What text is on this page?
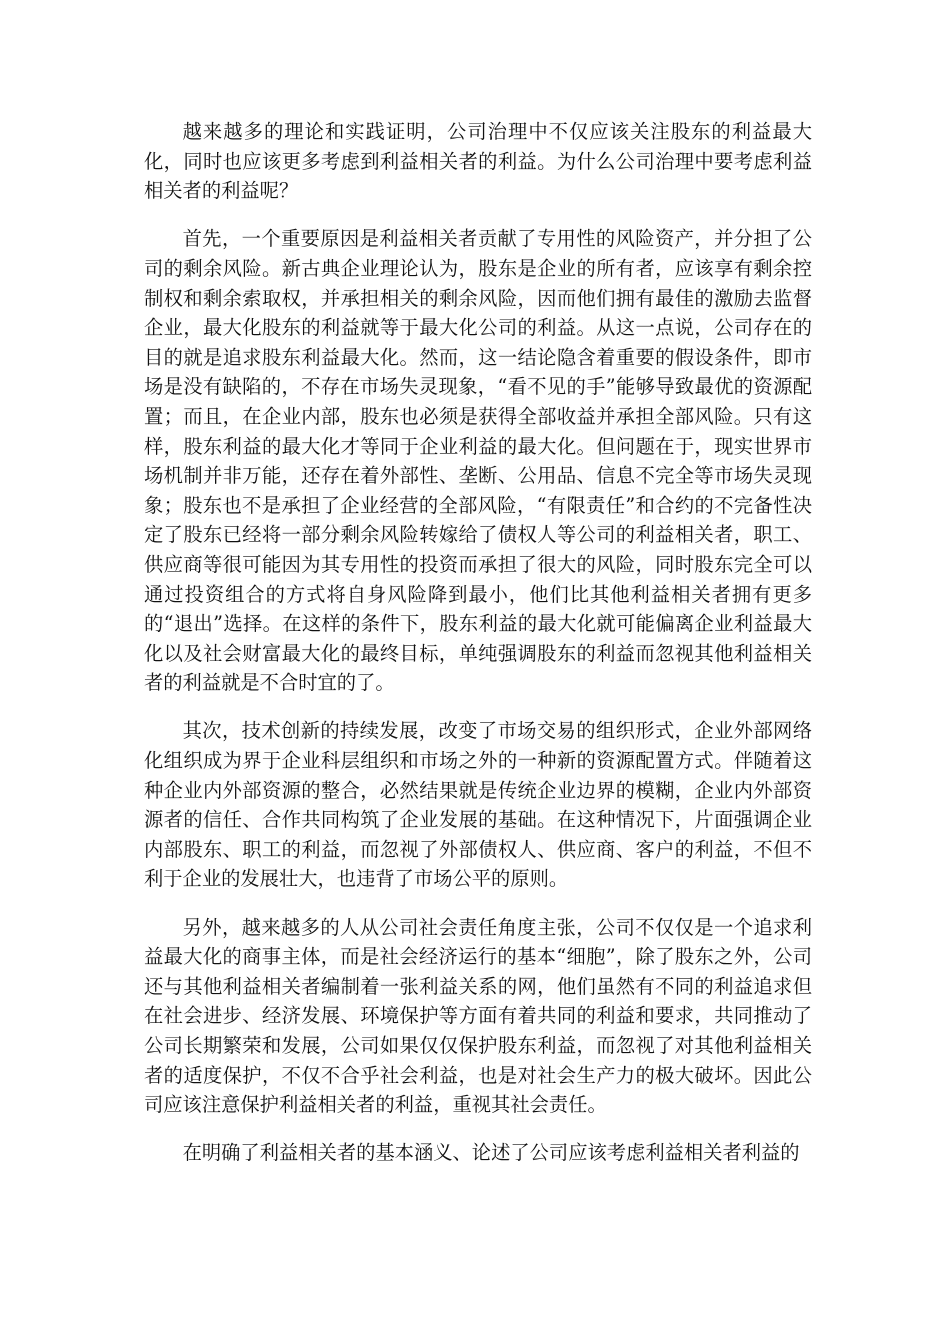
越来越多的理论和实践证明，公司治理中不仅应该关注股东的利益最大化，同时也应该更多考虑到利益相关者的利益。为什么公司治理中要考虑利益相关者的利益呢？

首先，一个重要原因是利益相关者贡献了专用性的风险资产，并分担了公司的剩余风险。新古典企业理论认为，股东是企业的所有者，应该享有剩余控制权和剩余索取权，并承担相关的剩余风险，因而他们拥有最佳的激励去监督企业，最大化股东的利益就等于最大化公司的利益。从这一点说，公司存在的目的就是追求股东利益最大化。然而，这一结论隐含着重要的假设条件，即市场是没有缺陷的，不存在市场失灵现象，“看不见的手”能够导致最优的资源配置；而且，在企业内部，股东也必须是获得全部收益并承担全部风险。只有这样，股东利益的最大化才等同于企业利益的最大化。但问题在于，现实世界市场机制并非万能，还存在着外部性、垄断、公用品、信息不完全等市场失灵现象；股东也不是承担了企业经营的全部风险，“有限责任”和合约的不完备性决定了股东已经将一部分剩余风险转嫁给了债权人等公司的利益相关者，职工、供应商等很可能因为其专用性的投资而承担了很大的风险，同时股东完全可以通过投资组合的方式将自身风险降到最小，他们比其他利益相关者拥有更多的“退出”选择。在这样的条件下，股东利益的最大化就可能偏离企业利益最大化以及社会财富最大化的最终目标，单纯强调股东的利益而忽视其他利益相关者的利益就是不合时宜的了。

其次，技术创新的持续发展，改变了市场交易的组织形式，企业外部网络化组织成为界于企业科层组织和市场之外的一种新的资源配置方式。伴随着这种企业内外部资源的整合，必然结果就是传统企业边界的模糊，企业内外部资源者的信任、合作共同构筑了企业发展的基础。在这种情况下，片面强调企业内部股东、职工的利益，而忽视了外部债权人、供应商、客户的利益，不但不利于企业的发展壮大，也违背了市场公平的原则。

另外，越来越多的人从公司社会责任角度主张，公司不仅仅是一个追求利益最大化的商事主体，而是社会经济运行的基本“细胞”，除了股东之外，公司还与其他利益相关者编制着一张利益关系的网，他们虽然有不同的利益追求但在社会进步、经济发展、环境保护等方面有着共同的利益和要求，共同推动了公司长期繁荣和发展，公司如果仅仅保护股东利益，而忽视了对其他利益相关者的适度保护，不仅不合乎社会利益，也是对社会生产力的极大破坏。因此公司应该注意保护利益相关者的利益，重视其社会责任。

在明确了利益相关者的基本涵义、论述了公司应该考虑利益相关者利益的
